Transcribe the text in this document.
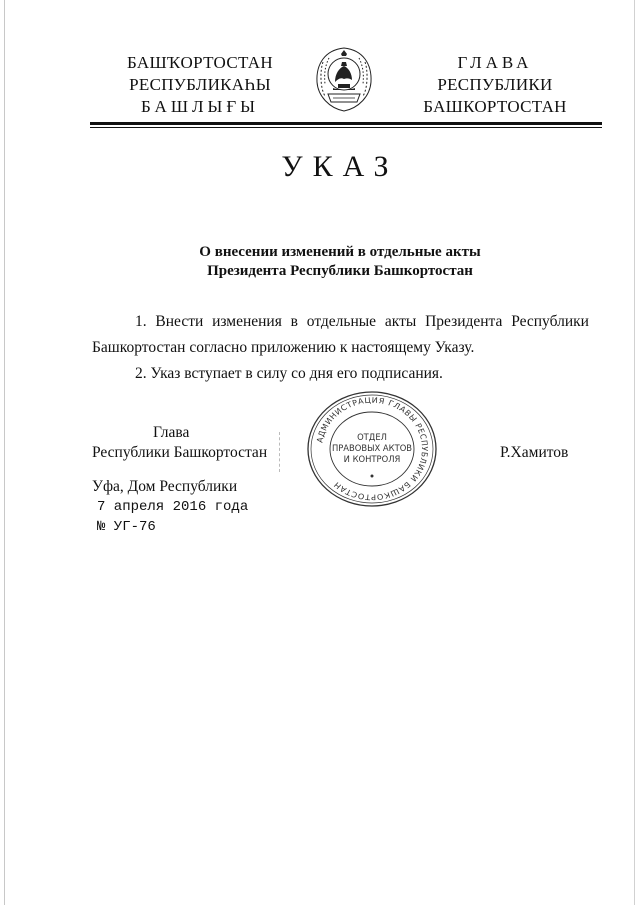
БАШҠОРТОСТАН
РЕСПУБЛИКАҺЫ
БАШЛЫҒЫ
ГЛАВА
РЕСПУБЛИКИ
БАШКОРТОСТАН
УКАЗ
О внесении изменений в отдельные акты
Президента Республики Башкортостан
1. Внести изменения в отдельные акты Президента Республики
Башкортостан согласно приложению к настоящему Указу.
2. Указ вступает в силу со дня его подписания.
Глава
Республики Башкортостан	Р.Хамитов
АДМИНИСТРАЦИЯ ГЛАВЫ РЕСПУБЛИКИ БАШКОРТОСТАН
ОТДЕЛ
ПРАВОВЫХ АКТОВ
И КОНТРОЛЯ
Уфа, Дом Республики
7 апреля 2016 года
№ УГ-76
